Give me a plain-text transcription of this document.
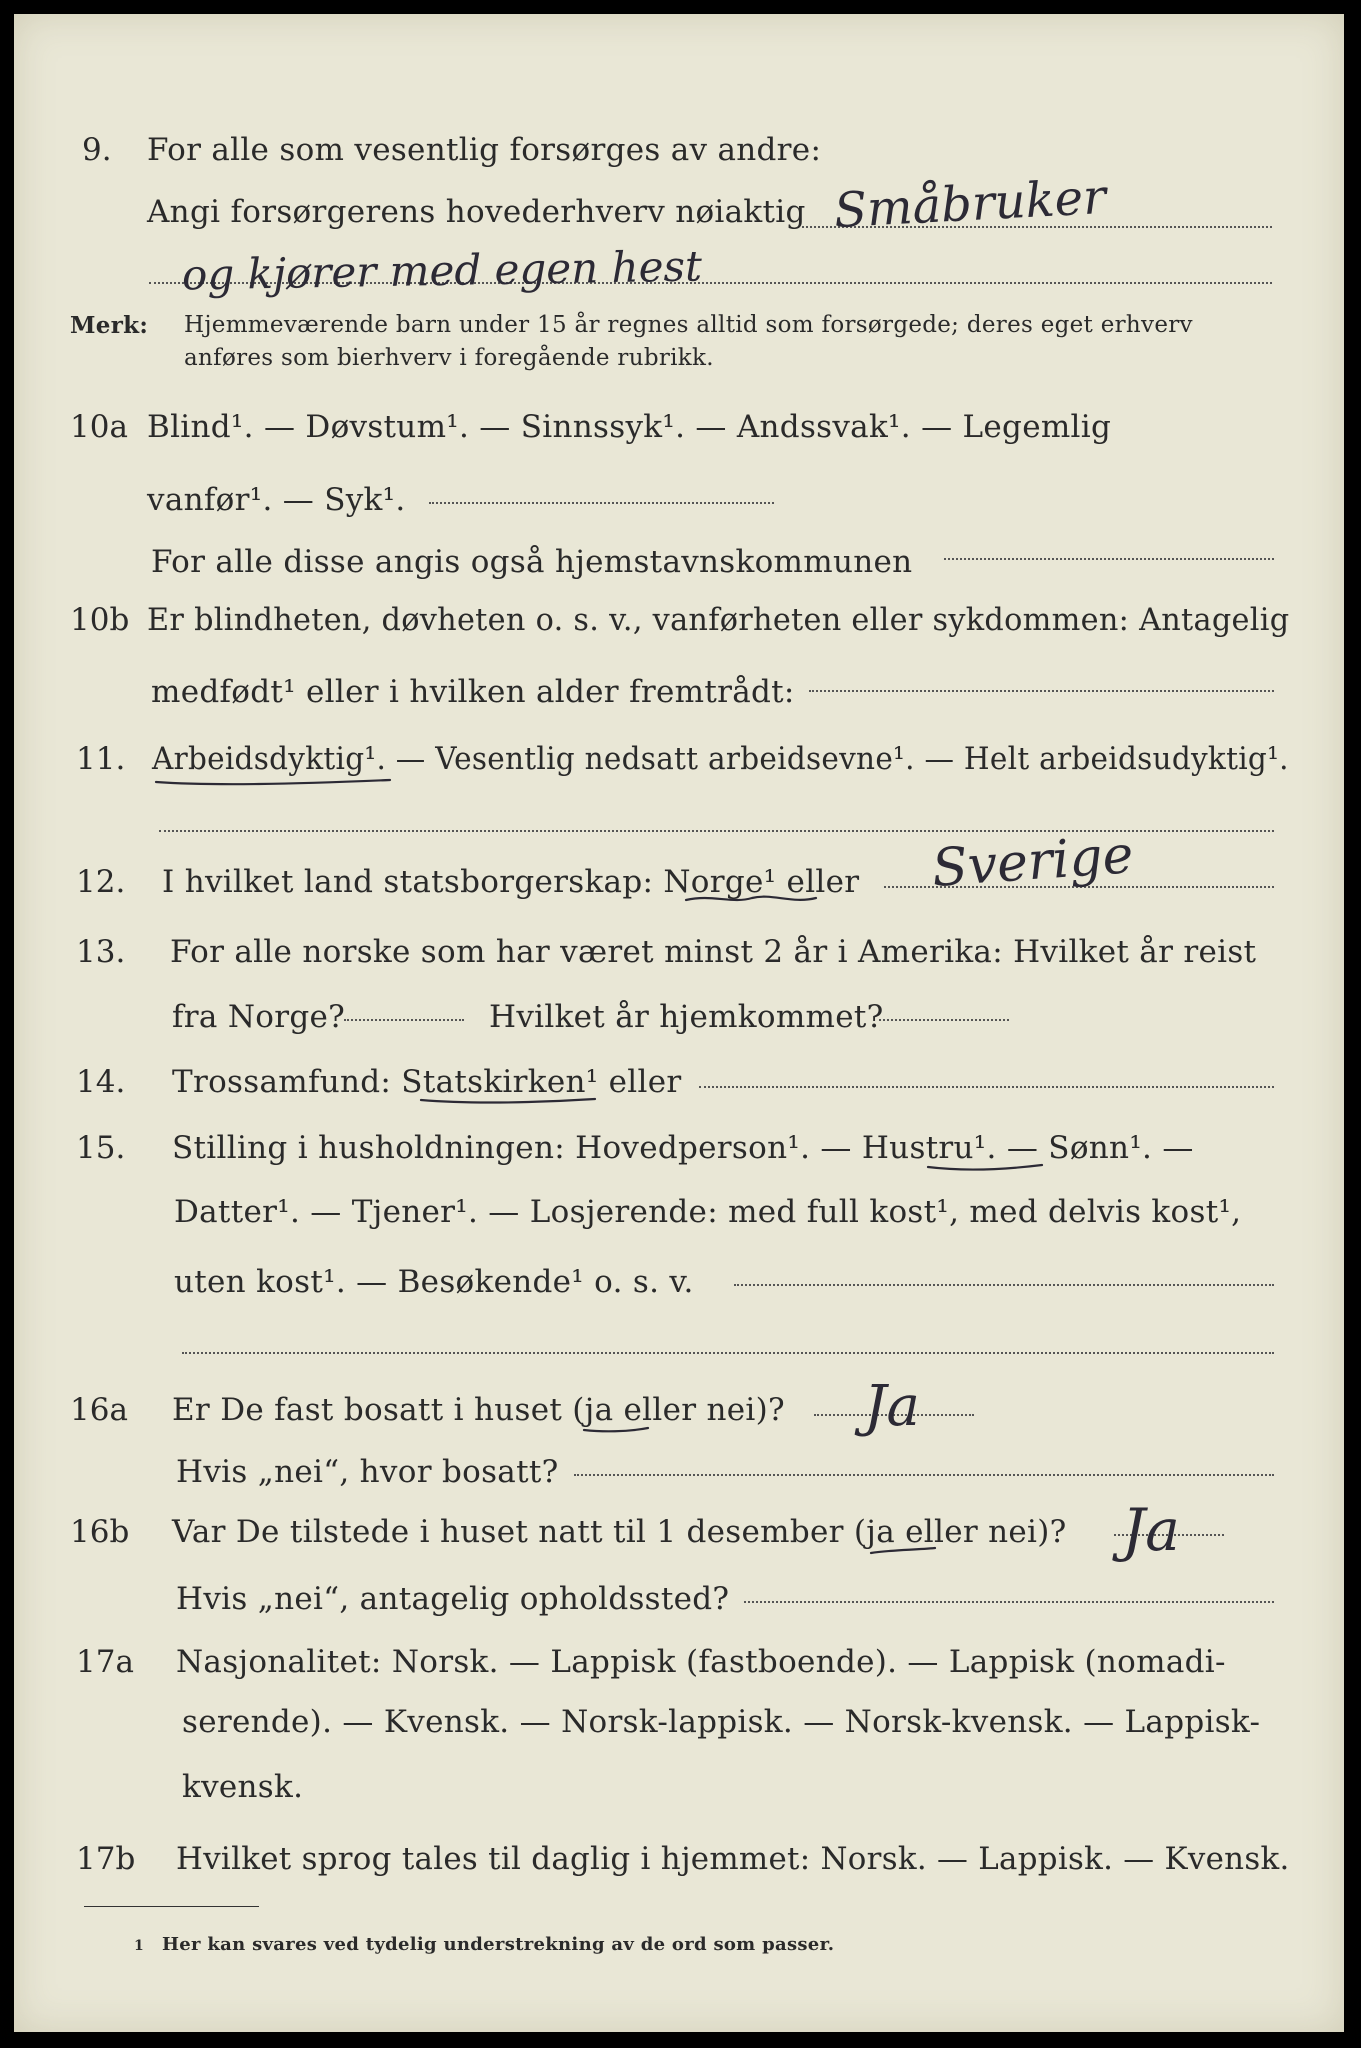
9. For alle som vesentlig forsørges av andre:
Angi forsørgerens hovederhverv nøiaktig Småbruker
og kjører med egen hest
Merk: Hjemmeværende barn under 15 år regnes alltid som forsørgede; deres eget erhverv
anføres som bierhverv i foregående rubrikk.
10a Blind¹. — Døvstum¹. — Sinnssyk¹. — Andssvak¹. — Legemlig
vanfør¹. — Syk¹.
For alle disse angis også hjemstavnskommunen
10b Er blindheten, døvheten o. s. v., vanførheten eller sykdommen: Antagelig
medfødt¹ eller i hvilken alder fremtrådt:
11. Arbeidsdyktig¹. — Vesentlig nedsatt arbeidsevne¹. — Helt arbeidsudyktig¹.
12. I hvilket land statsborgerskap: Norge¹ eller Sverige
13. For alle norske som har været minst 2 år i Amerika: Hvilket år reist
fra Norge?	Hvilket år hjemkommet?
14. Trossamfund: Statskirken¹ eller
15. Stilling i husholdningen: Hovedperson¹. — Hustru¹. — Sønn¹. —
Datter¹. — Tjener¹. — Losjerende: med full kost¹, med delvis kost¹,
uten kost¹. — Besøkende¹ o. s. v.
16a Er De fast bosatt i huset (ja eller nei)? Ja
Hvis „nei“, hvor bosatt?
16b Var De tilstede i huset natt til 1 desember (ja eller nei)? Ja
Hvis „nei“, antagelig opholdssted?
17a Nasjonalitet: Norsk. — Lappisk (fastboende). — Lappisk (nomadi-
serende). — Kvensk. — Norsk-lappisk. — Norsk-kvensk. — Lappisk-
kvensk.
17b Hvilket sprog tales til daglig i hjemmet: Norsk. — Lappisk. — Kvensk.
1 Her kan svares ved tydelig understrekning av de ord som passer.
